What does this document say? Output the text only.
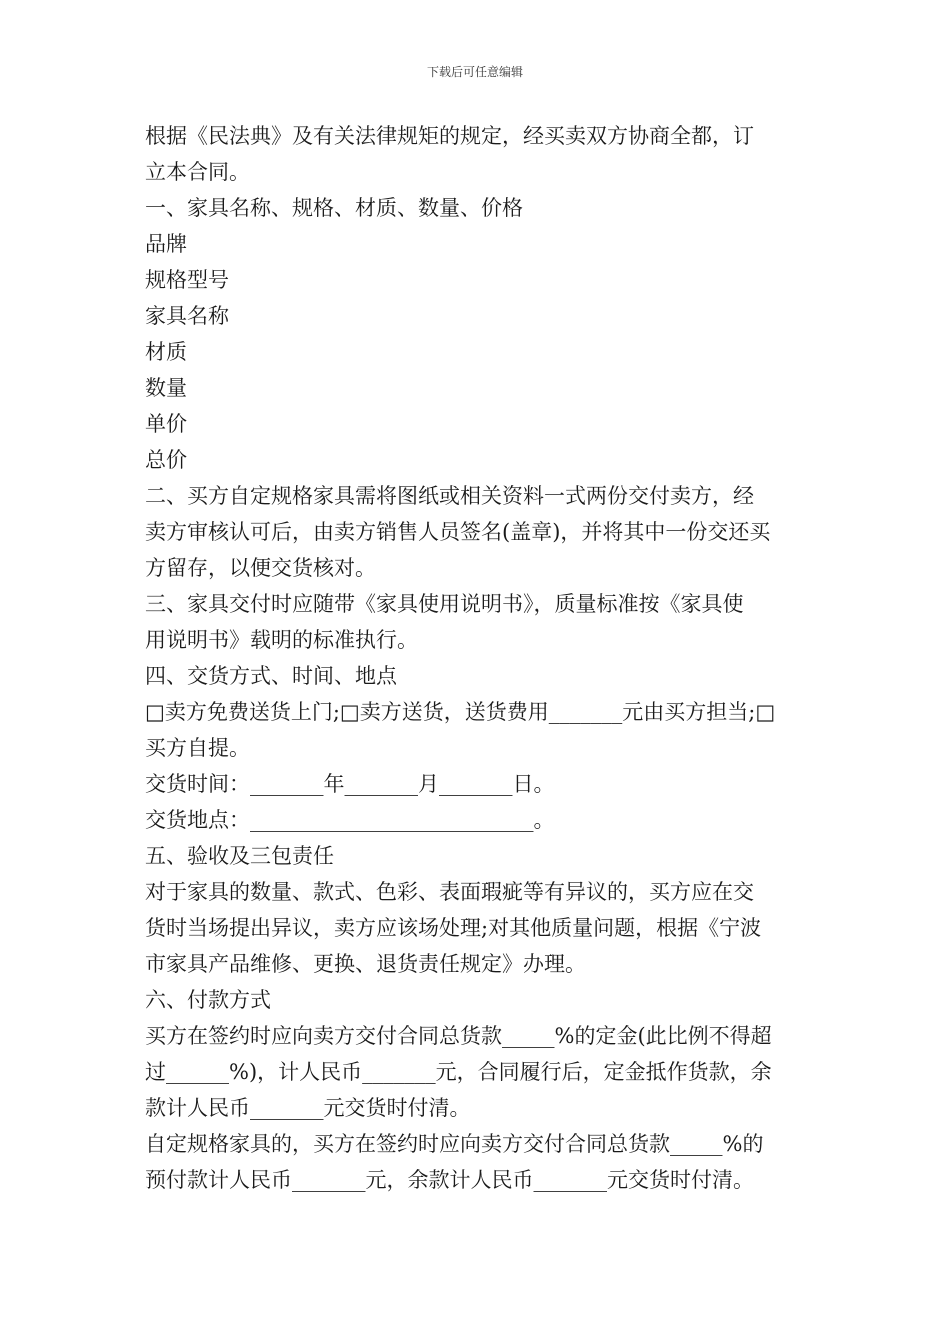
下载后可任意编辑
根据《民法典》及有关法律规矩的规定，经买卖双方协商全都，订
立本合同。
一、家具名称、规格、材质、数量、价格
品牌
规格型号
家具名称
材质
数量
单价
总价
二、买方自定规格家具需将图纸或相关资料一式两份交付卖方，经
卖方审核认可后，由卖方销售人员签名(盖章)，并将其中一份交还买
方留存，以便交货核对。
三、家具交付时应随带《家具使用说明书》，质量标准按《家具使
用说明书》载明的标准执行。
四、交货方式、时间、地点
□卖方免费送货上门;□卖方送货，送货费用_______元由买方担当;□
买方自提。
交货时间：_______年_______月_______日。
交货地点：___________________________。
五、验收及三包责任
对于家具的数量、款式、色彩、表面瑕疵等有异议的，买方应在交
货时当场提出异议，卖方应该场处理;对其他质量问题，根据《宁波
市家具产品维修、更换、退货责任规定》办理。
六、付款方式
买方在签约时应向卖方交付合同总货款_____%的定金(此比例不得超
过______%)，计人民币_______元，合同履行后，定金抵作货款，余
款计人民币_______元交货时付清。
自定规格家具的，买方在签约时应向卖方交付合同总货款_____%的
预付款计人民币_______元，余款计人民币_______元交货时付清。
